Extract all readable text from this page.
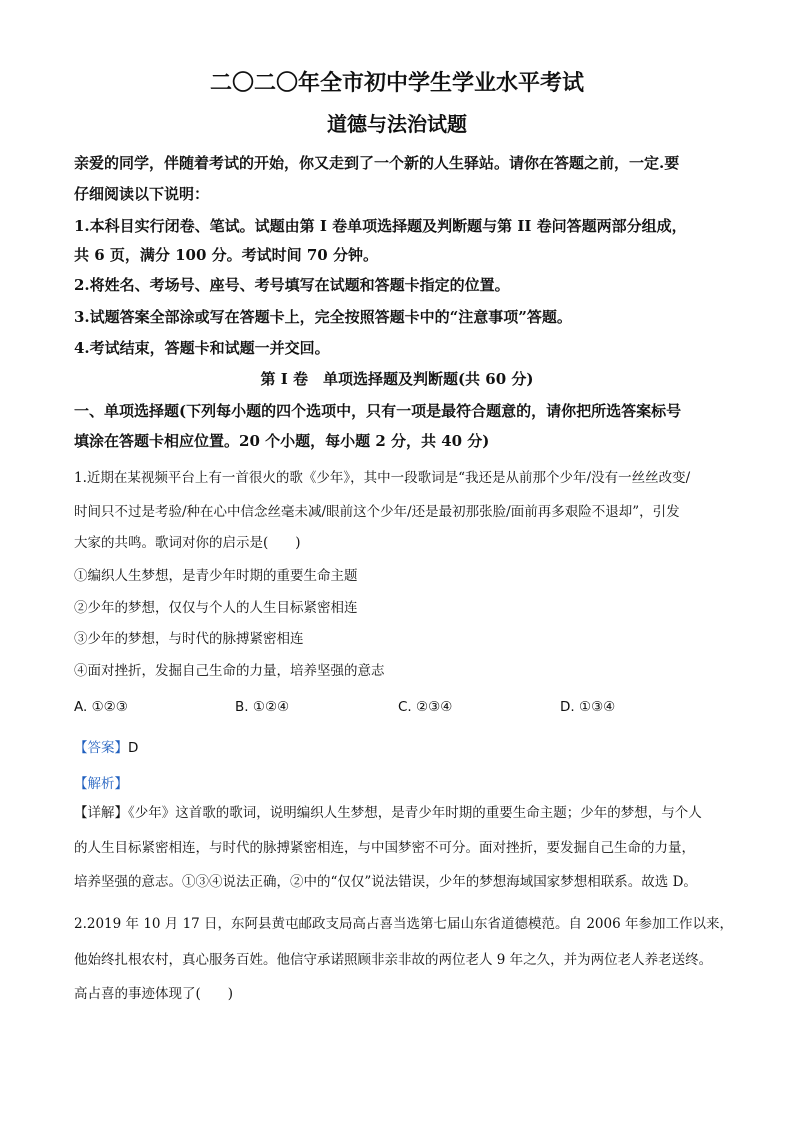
二〇二〇年全市初中学生学业水平考试
道德与法治试题
亲爱的同学，伴随着考试的开始，你又走到了一个新的人生驿站。请你在答题之前，一定.要
仔细阅读以下说明：
1.本科目实行闭卷、笔试。试题由第 I 卷单项选择题及判断题与第 II 卷问答题两部分组成，
共 6 页，满分 100 分。考试时间 70 分钟。
2.将姓名、考场号、座号、考号填写在试题和答题卡指定的位置。
3.试题答案全部涂或写在答题卡上，完全按照答题卡中的“注意事项”答题。
4.考试结束，答题卡和试题一并交回。
第 I 卷　单项选择题及判断题(共 60 分)
一、单项选择题(下列每小题的四个选项中，只有一项是最符合题意的，请你把所选答案标号
填涂在答题卡相应位置。20 个小题，每小题 2 分，共 40 分)
1.近期在某视频平台上有一首很火的歌《少年》，其中一段歌词是“我还是从前那个少年/没有一丝丝改变/
时间只不过是考验/种在心中信念丝毫未减/眼前这个少年/还是最初那张脸/面前再多艰险不退却”，引发
大家的共鸣。歌词对你的启示是(　　)
①编织人生梦想，是青少年时期的重要生命主题
②少年的梦想，仅仅与个人的人生目标紧密相连
③少年的梦想，与时代的脉搏紧密相连
④面对挫折，发掘自己生命的力量，培养坚强的意志
A. ①②③	B. ①②④	C. ②③④	D. ①③④
【答案】D
【解析】
【详解】《少年》这首歌的歌词，说明编织人生梦想，是青少年时期的重要生命主题；少年的梦想，与个人
的人生目标紧密相连，与时代的脉搏紧密相连，与中国梦密不可分。面对挫折，要发掘自己生命的力量，
培养坚强的意志。①③④说法正确，②中的“仅仅”说法错误，少年的梦想海域国家梦想相联系。故选 D。
2.2019 年 10 月 17 日，东阿县黄屯邮政支局高占喜当选第七届山东省道德模范。自 2006 年参加工作以来，
他始终扎根农村，真心服务百姓。他信守承诺照顾非亲非故的两位老人 9 年之久，并为两位老人养老送终。
高占喜的事迹体现了(　　)
